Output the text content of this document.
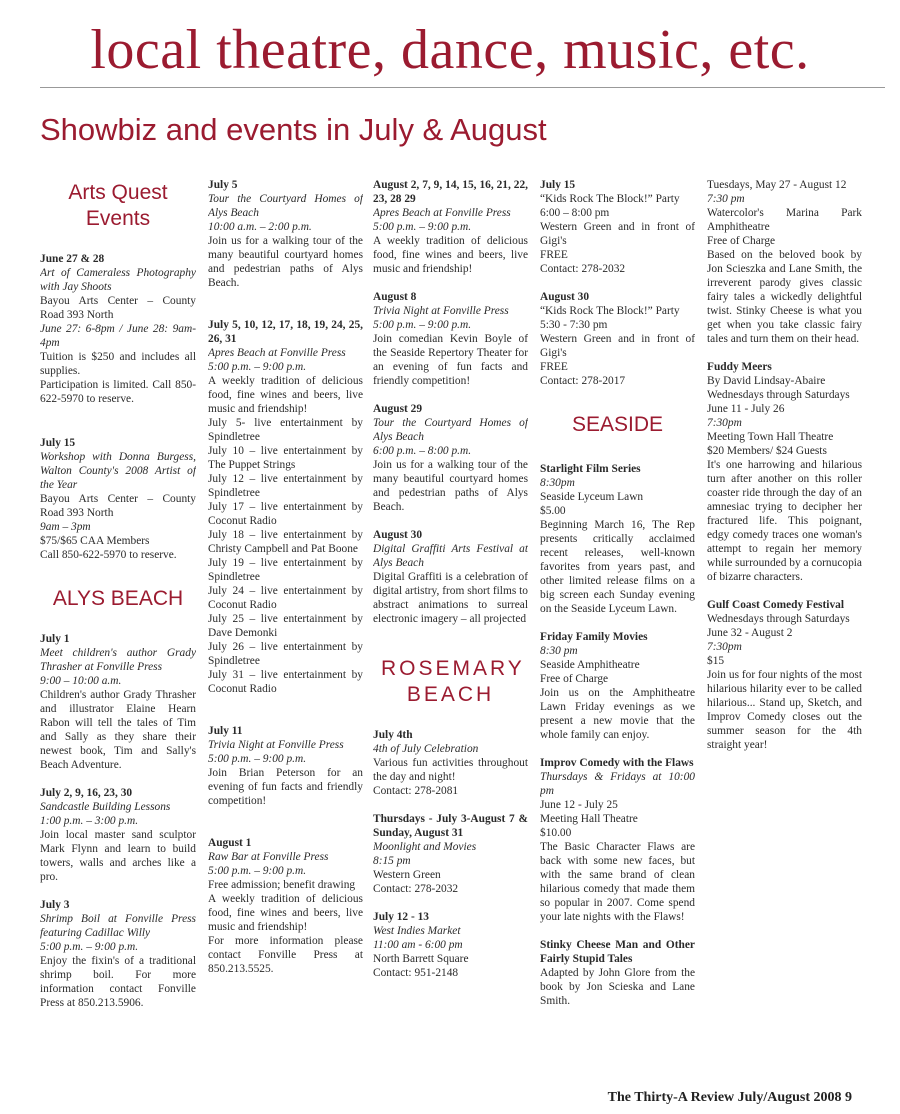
local theatre, dance, music, etc.
Showbiz and events in July & August
Arts Quest Events
June 27 & 28
Art of Cameraless Photography with Jay Shoots
Bayou Arts Center – County Road 393 North
June 27: 6-8pm / June 28: 9am-4pm
Tuition is $250 and includes all supplies.
Participation is limited. Call 850-622-5970 to reserve.
July 15
Workshop with Donna Burgess, Walton County's 2008 Artist of the Year
Bayou Arts Center – County Road 393 North
9am – 3pm
$75/$65 CAA Members
Call 850-622-5970 to reserve.
ALYS BEACH
July 1
Meet children's author Grady Thrasher at Fonville Press
9:00 – 10:00 a.m.
Children's author Grady Thrasher and illustrator Elaine Hearn Rabon will tell the tales of Tim and Sally as they share their newest book, Tim and Sally's Beach Adventure.
July 2, 9, 16, 23, 30
Sandcastle Building Lessons
1:00 p.m. – 3:00 p.m.
Join local master sand sculptor Mark Flynn and learn to build towers, walls and arches like a pro.
July 3
Shrimp Boil at Fonville Press featuring Cadillac Willy
5:00 p.m. – 9:00 p.m.
Enjoy the fixin's of a traditional shrimp boil. For more information contact Fonville Press at 850.213.5906.
July 5
Tour the Courtyard Homes of Alys Beach
10:00 a.m. – 2:00 p.m.
Join us for a walking tour of the many beautiful courtyard homes and pedestrian paths of Alys Beach.
July 5, 10, 12, 17, 18, 19, 24, 25, 26, 31
Apres Beach at Fonville Press
5:00 p.m. – 9:00 p.m.
A weekly tradition of delicious food, fine wines and beers, live music and friendship!
July 5- live entertainment by Spindletree
July 10 – live entertainment by The Puppet Strings
July 12 – live entertainment by Spindletree
July 17 – live entertainment by Coconut Radio
July 18 – live entertainment by Christy Campbell and Pat Boone
July 19 – live entertainment by Spindletree
July 24 – live entertainment by Coconut Radio
July 25 – live entertainment by Dave Demonki
July 26 – live entertainment by Spindletree
July 31 – live entertainment by Coconut Radio
July 11
Trivia Night at Fonville Press
5:00 p.m. – 9:00 p.m.
Join Brian Peterson for an evening of fun facts and friendly competition!
August 1
Raw Bar at Fonville Press
5:00 p.m. – 9:00 p.m.
Free admission; benefit drawing
A weekly tradition of delicious food, fine wines and beers, live music and friendship!
For more information please contact Fonville Press at 850.213.5525.
August 2, 7, 9, 14, 15, 16, 21, 22, 23, 28 29
Apres Beach at Fonville Press
5:00 p.m. – 9:00 p.m.
A weekly tradition of delicious food, fine wines and beers, live music and friendship!
August 8
Trivia Night at Fonville Press
5:00 p.m. – 9:00 p.m.
Join comedian Kevin Boyle of the Seaside Repertory Theater for an evening of fun facts and friendly competition!
August 29
Tour the Courtyard Homes of Alys Beach
6:00 p.m. – 8:00 p.m.
Join us for a walking tour of the many beautiful courtyard homes and pedestrian paths of Alys Beach.
August 30
Digital Graffiti Arts Festival at Alys Beach
Digital Graffiti is a celebration of digital artistry, from short films to abstract animations to surreal electronic imagery – all projected
ROSEMARY BEACH
July 4th
4th of July Celebration
Various fun activities throughout the day and night!
Contact: 278-2081
Thursdays - July 3-August 7 & Sunday, August 31
Moonlight and Movies
8:15 pm
Western Green
Contact: 278-2032
July 12 - 13
West Indies Market
11:00 am - 6:00 pm
North Barrett Square
Contact: 951-2148
July 15
“Kids Rock The Block!” Party
6:00 – 8:00 pm
Western Green and in front of Gigi's
FREE
Contact: 278-2032
August 30
“Kids Rock The Block!” Party
5:30 - 7:30 pm
Western Green and in front of Gigi's
FREE
Contact: 278-2017
SEASIDE
Starlight Film Series
8:30pm
Seaside Lyceum Lawn
$5.00
Beginning March 16, The Rep presents critically acclaimed recent releases, well-known favorites from years past, and other limited release films on a big screen each Sunday evening on the Seaside Lyceum Lawn.
Friday Family Movies
8:30 pm
Seaside Amphitheatre
Free of Charge
Join us on the Amphitheatre Lawn Friday evenings as we present a new movie that the whole family can enjoy.
Improv Comedy with the Flaws
Thursdays & Fridays at 10:00 pm
June 12 - July 25
Meeting Hall Theatre
$10.00
The Basic Character Flaws are back with some new faces, but with the same brand of clean hilarious comedy that made them so popular in 2007. Come spend your late nights with the Flaws!
Stinky Cheese Man and Other Fairly Stupid Tales
Adapted by John Glore from the book by Jon Scieska and Lane Smith.
Tuesdays, May 27 - August 12
7:30 pm
Watercolor's Marina Park Amphitheatre
Free of Charge
Based on the beloved book by Jon Scieszka and Lane Smith, the irreverent parody gives classic fairy tales a wickedly delightful twist. Stinky Cheese is what you get when you take classic fairy tales and turn them on their head.
Fuddy Meers
By David Lindsay-Abaire
Wednesdays through Saturdays
June 11 - July 26
7:30pm
Meeting Town Hall Theatre
$20 Members/ $24 Guests
It's one harrowing and hilarious turn after another on this roller coaster ride through the day of an amnesiac trying to decipher her fractured life. This poignant, edgy comedy traces one woman's attempt to regain her memory while surrounded by a cornucopia of bizarre characters.
Gulf Coast Comedy Festival
Wednesdays through Saturdays
June 32 - August 2
7:30pm
$15
Join us for four nights of the most hilarious hilarity ever to be called hilarious... Stand up, Sketch, and Improv Comedy closes out the summer season for the 4th straight year!
The Thirty-A Review July/August 2008 9
